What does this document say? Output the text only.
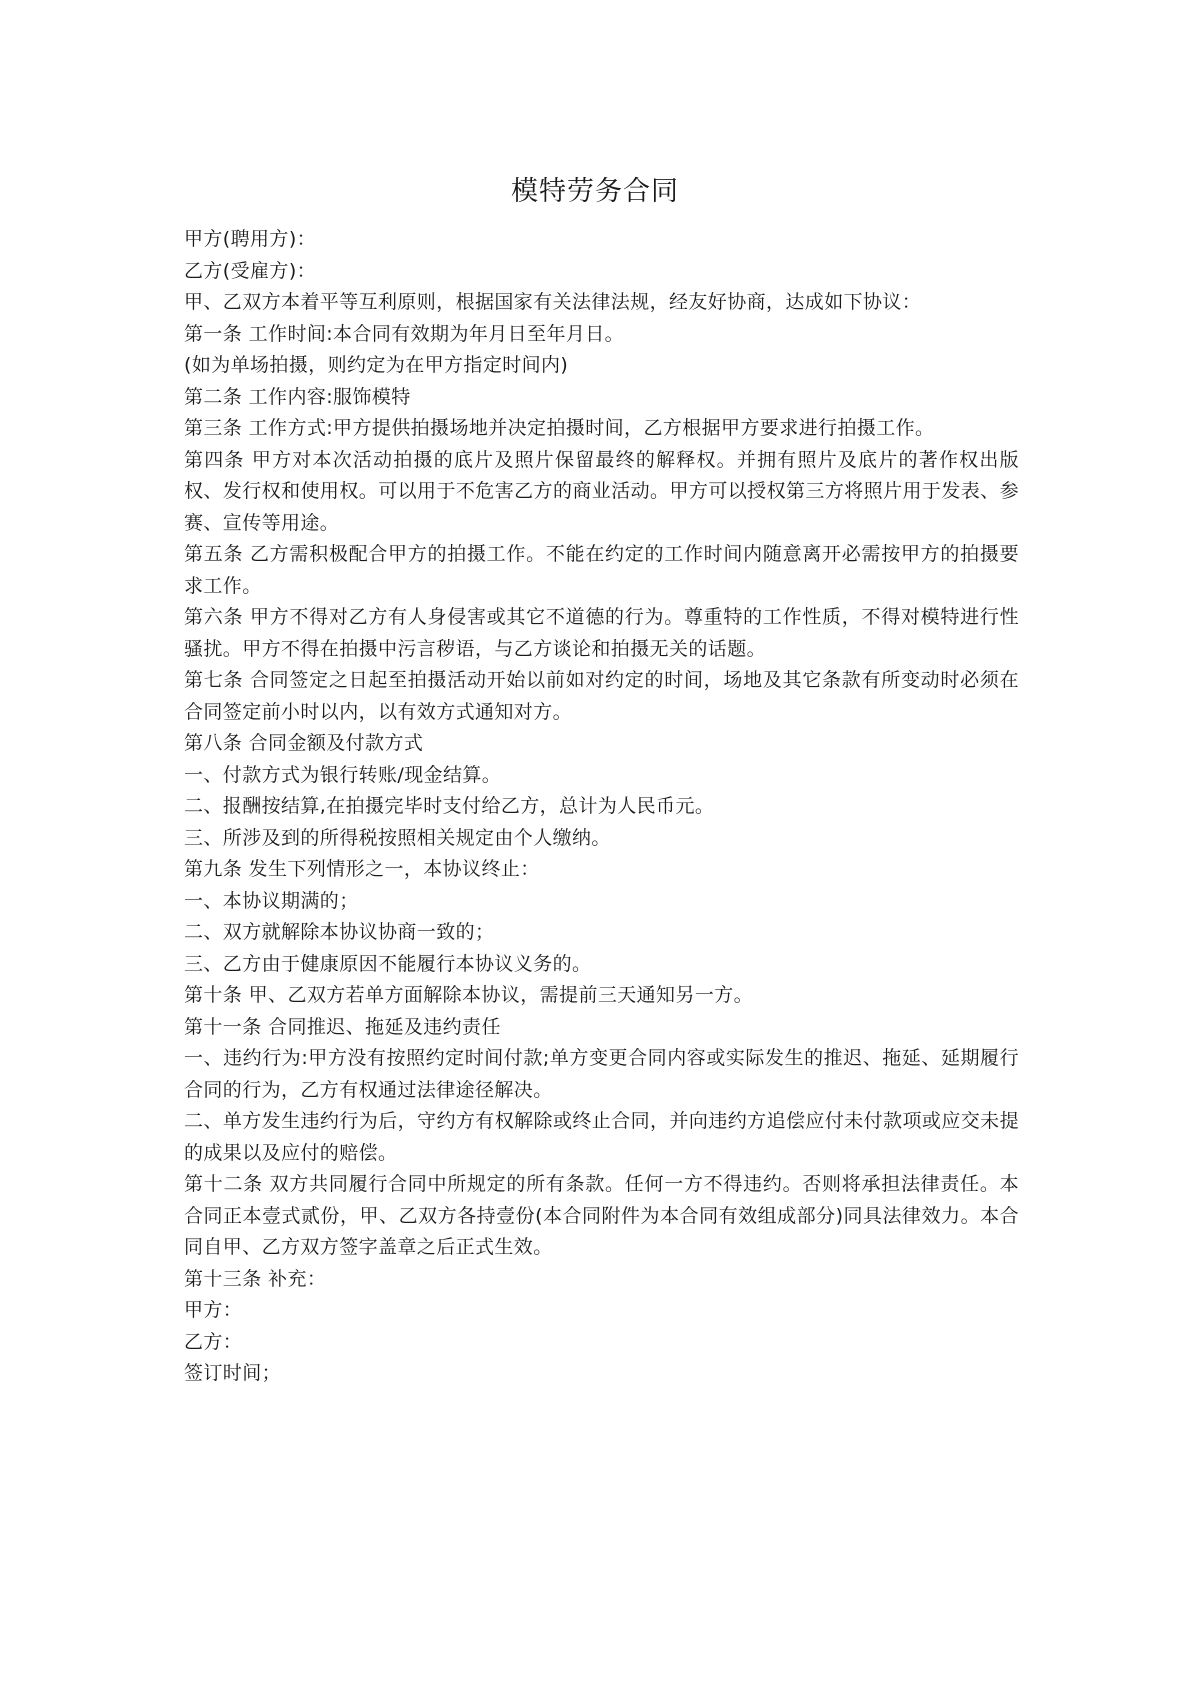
模特劳务合同

甲方(聘用方)：

乙方(受雇方)：

甲、乙双方本着平等互利原则，根据国家有关法律法规，经友好协商，达成如下协议：

第一条 工作时间:本合同有效期为年月日至年月日。

(如为单场拍摄，则约定为在甲方指定时间内)

第二条 工作内容:服饰模特

第三条 工作方式:甲方提供拍摄场地并决定拍摄时间，乙方根据甲方要求进行拍摄工作。

第四条 甲方对本次活动拍摄的底片及照片保留最终的解释权。并拥有照片及底片的著作权出版权、发行权和使用权。可以用于不危害乙方的商业活动。甲方可以授权第三方将照片用于发表、参赛、宣传等用途。

第五条 乙方需积极配合甲方的拍摄工作。不能在约定的工作时间内随意离开必需按甲方的拍摄要求工作。

第六条 甲方不得对乙方有人身侵害或其它不道德的行为。尊重特的工作性质，不得对模特进行性骚扰。甲方不得在拍摄中污言秽语，与乙方谈论和拍摄无关的话题。

第七条 合同签定之日起至拍摄活动开始以前如对约定的时间，场地及其它条款有所变动时必须在合同签定前小时以内，以有效方式通知对方。

第八条 合同金额及付款方式

一、付款方式为银行转账/现金结算。

二、报酬按结算,在拍摄完毕时支付给乙方，总计为人民币元。

三、所涉及到的所得税按照相关规定由个人缴纳。

第九条 发生下列情形之一，本协议终止：

一、本协议期满的；

二、双方就解除本协议协商一致的；

三、乙方由于健康原因不能履行本协议义务的。

第十条 甲、乙双方若单方面解除本协议，需提前三天通知另一方。

第十一条 合同推迟、拖延及违约责任

一、违约行为:甲方没有按照约定时间付款;单方变更合同内容或实际发生的推迟、拖延、延期履行合同的行为，乙方有权通过法律途径解决。

二、单方发生违约行为后，守约方有权解除或终止合同，并向违约方追偿应付未付款项或应交未提的成果以及应付的赔偿。

第十二条 双方共同履行合同中所规定的所有条款。任何一方不得违约。否则将承担法律责任。本合同正本壹式贰份，甲、乙双方各持壹份(本合同附件为本合同有效组成部分)同具法律效力。本合同自甲、乙方双方签字盖章之后正式生效。

第十三条 补充：

甲方：

乙方：

签订时间；
